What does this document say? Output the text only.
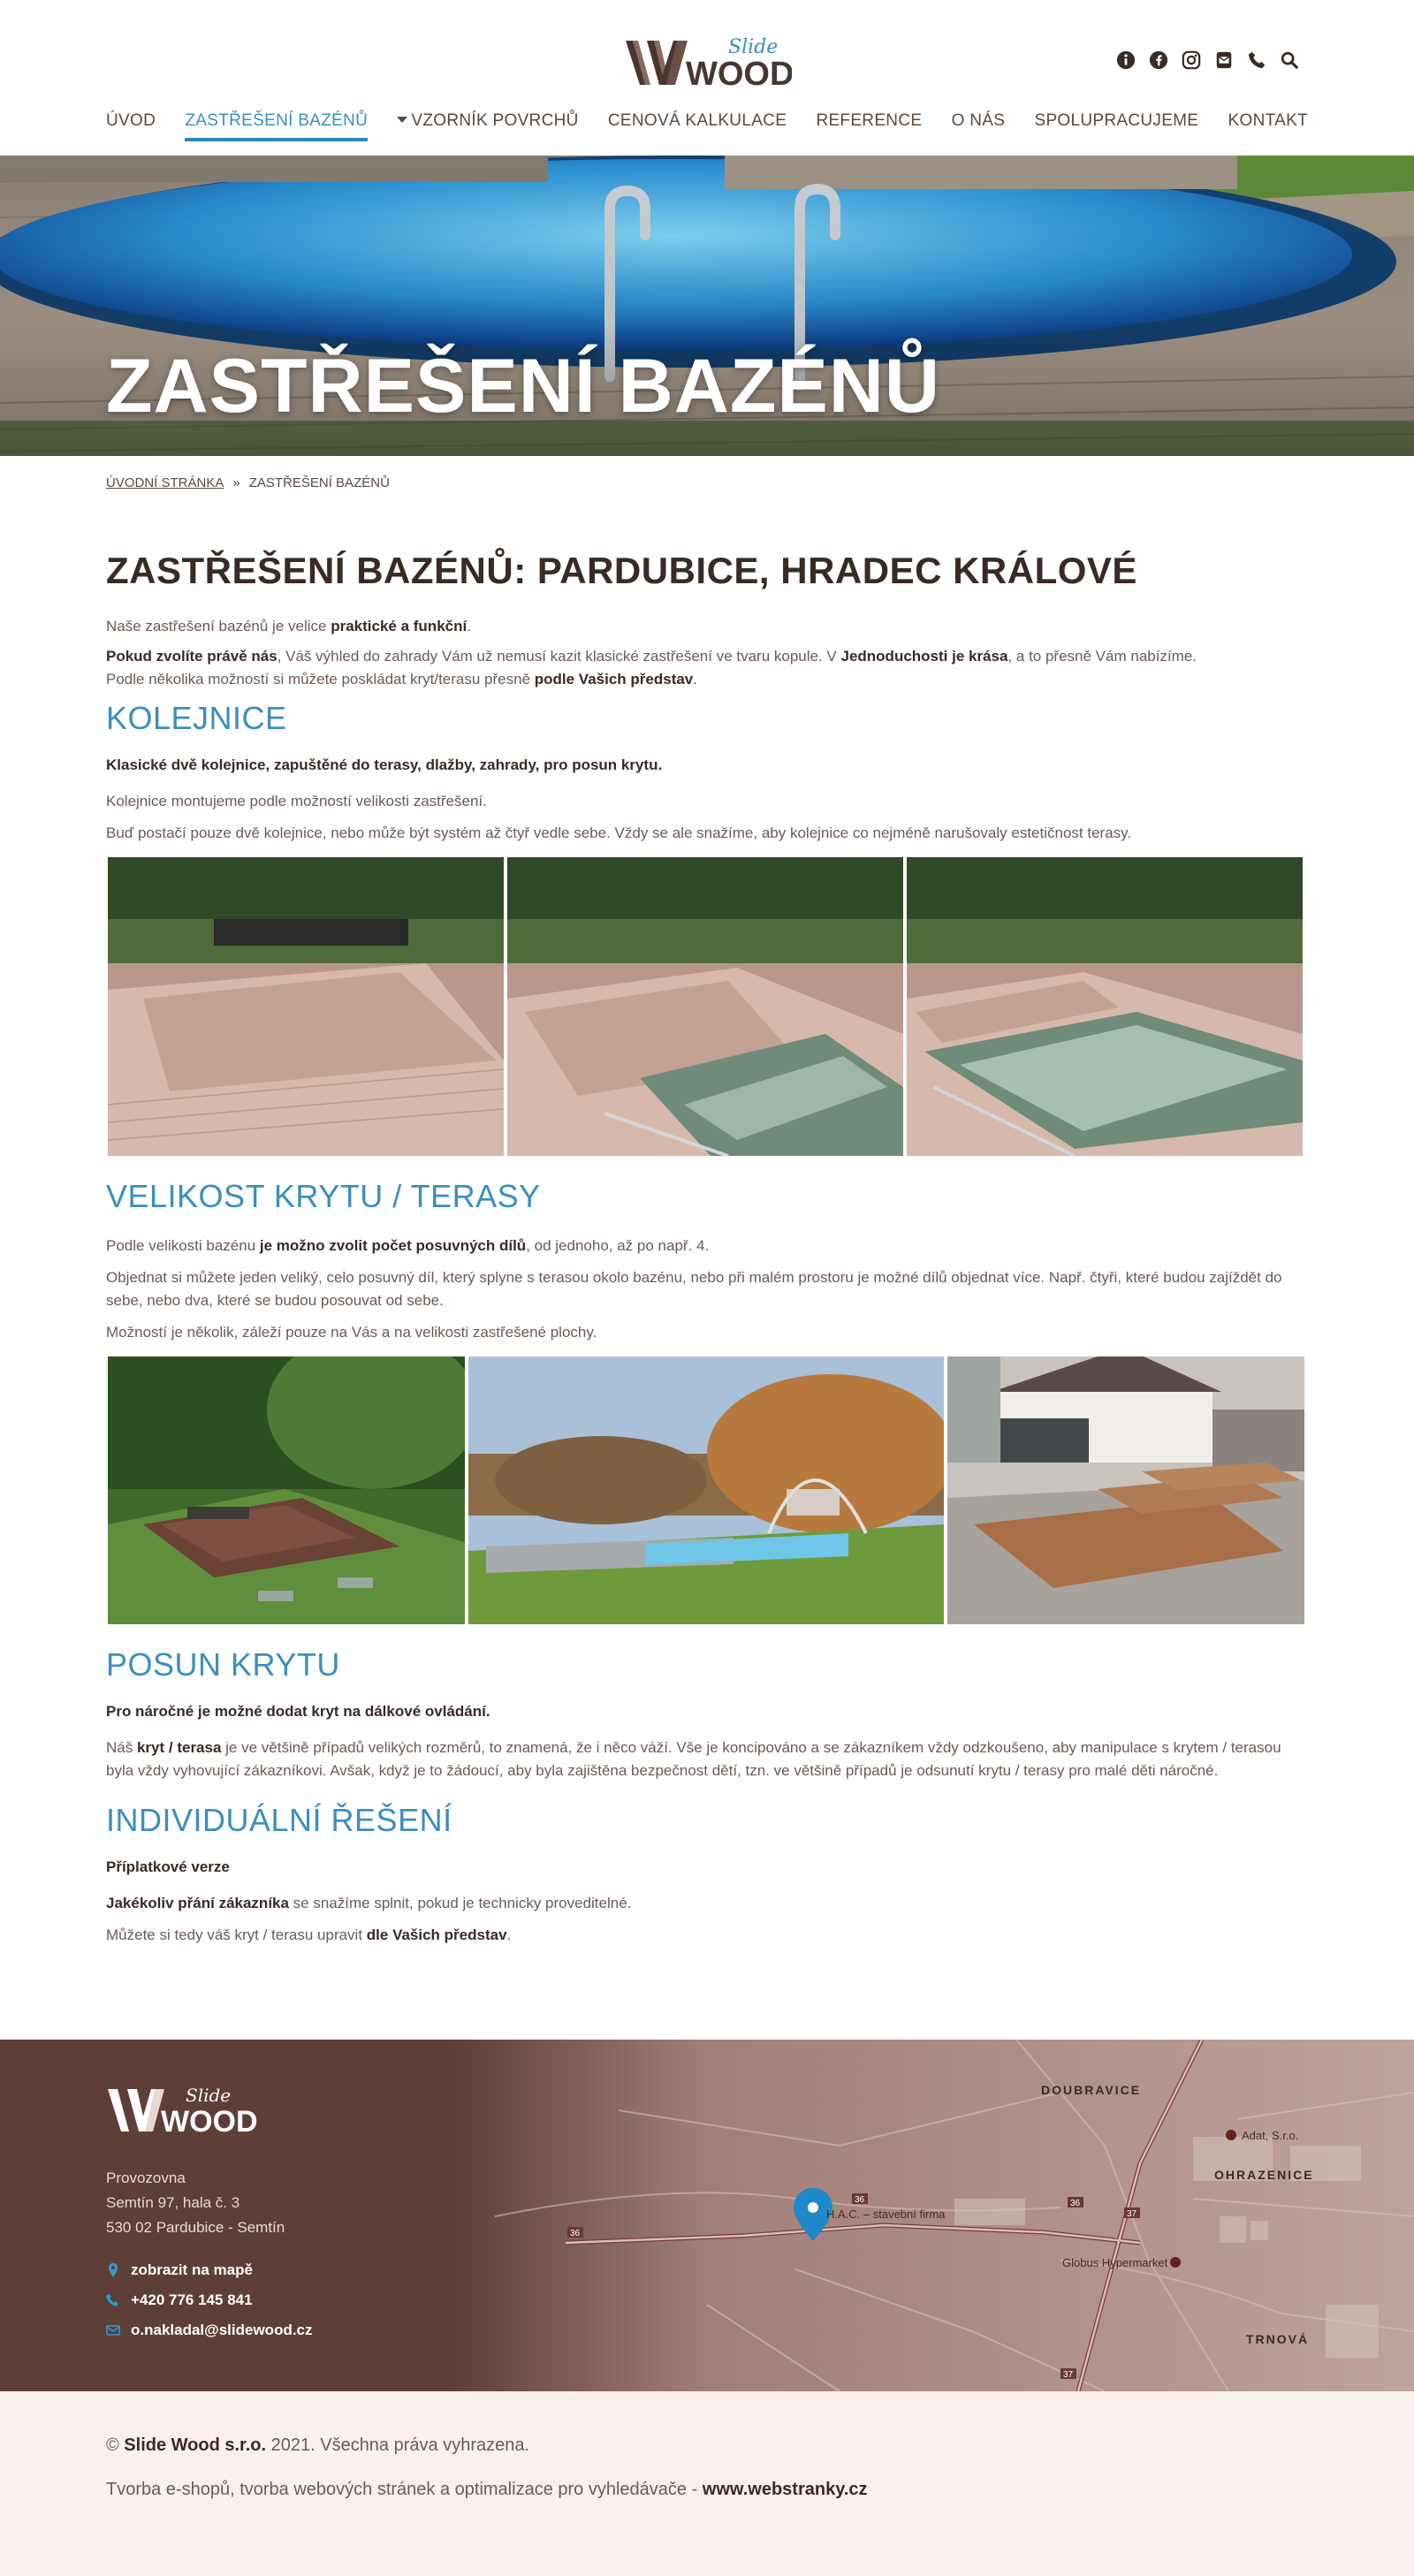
Slide
WOOD
ÚVOD ZASTŘEŠENÍ BAZÉNŮ	VZORNÍK POVRCHŮ CENOVÁ KALKULACE REFERENCE O NÁS SPOLUPRACUJEME KONTAKT
ZASTŘEŠENÍ BAZÉNŮ
ÚVODNÍ STRÁNKA » ZASTŘEŠENÍ BAZÉNŮ
ZASTŘEŠENÍ BAZÉNŮ: PARDUBICE, HRADEC KRÁLOVÉ

Naše zastřešení bazénů je velice praktické a funkční.

Pokud zvolíte právě nás, Váš výhled do zahrady Vám už nemusí kazit klasické zastřešení ve tvaru kopule. V Jednoduchosti je krása, a to přesně Vám nabízíme.

Podle několika možností si můžete poskládat kryt/terasu přesně podle Vašich představ.

KOLEJNICE

Klasické dvě kolejnice, zapuštěné do terasy, dlažby, zahrady, pro posun krytu.

Kolejnice montujeme podle možností velikosti zastřešení.

Buď postačí pouze dvě kolejnice, nebo může být systém až čtyř vedle sebe. Vždy se ale snažíme, aby kolejnice co nejméně narušovaly estetičnost terasy.

VELIKOST KRYTU / TERASY

Podle velikosti bazénu je možno zvolit počet posuvných dílů, od jednoho, až po např. 4.

Objednat si můžete jeden veliký, celo posuvný díl, který splyne s terasou okolo bazénu, nebo při malém prostoru je možné dílů objednat více. Např. čtyři, které budou zajíždět do sebe, nebo dva, které se budou posouvat od sebe.

Možností je několik, záleží pouze na Vás a na velikosti zastřešené plochy.

POSUN KRYTU

Pro náročné je možné dodat kryt na dálkové ovládání.

Náš kryt / terasa je ve většině případů velikých rozměrů, to znamená, že i něco váží. Vše je koncipováno a se zákazníkem vždy odzkoušeno, aby manipulace s krytem / terasou byla vždy vyhovující zákazníkovi. Avšak, když je to žádoucí, aby byla zajištěna bezpečnost dětí, tzn. ve většině případů je odsunutí krytu / terasy pro malé děti náročné.

INDIVIDUÁLNÍ ŘEŠENÍ

Příplatkové verze

Jakékoliv přání zákazníka se snažíme splnit, pokud je technicky proveditelné.

Můžete si tedy váš kryt / terasu upravit dle Vašich představ.

Adat, S.r.o.
Globus Hypermarket
H.A.C. – stavební firma
DOUBRAVICE
OHRAZENICE
TRNOVÁ
36	36
37
37
36
Slide
WOOD
Provozovna
Semtín 97, hala č. 3
530 02 Pardubice - Semtín
zobrazit na mapě
+420 776 145 841
o.nakladal@slidewood.cz
© Slide Wood s.r.o. 2021. Všechna práva vyhrazena.
Tvorba e-shopů, tvorba webových stránek a optimalizace pro vyhledávače - www.webstranky.cz
